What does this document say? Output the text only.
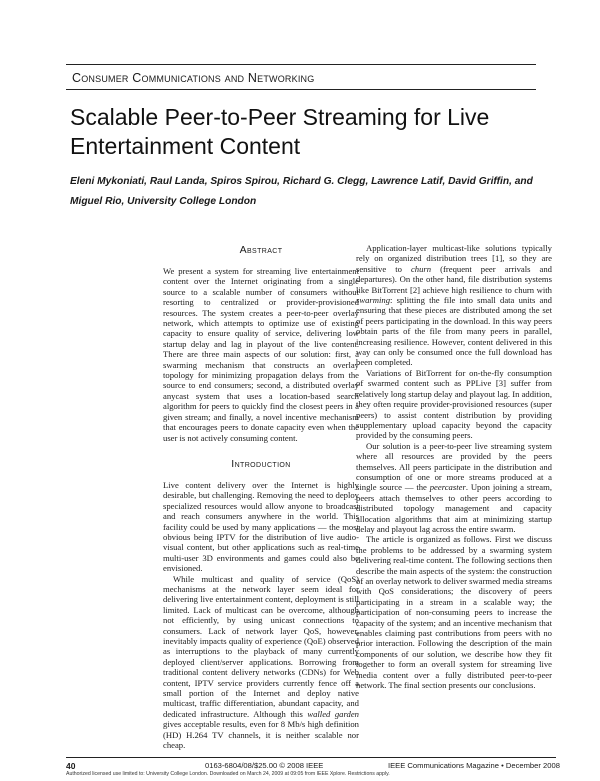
Consumer Communications and Networking
Scalable Peer-to-Peer Streaming for Live Entertainment Content
Eleni Mykoniati, Raul Landa, Spiros Spirou, Richard G. Clegg, Lawrence Latif, David Griffin, and Miguel Rio, University College London
Abstract

We present a system for streaming live entertainment content over the Internet originating from a single source to a scalable number of consumers without resorting to centralized or provider-provisioned resources. The system creates a peer-to-peer overlay network, which attempts to optimize use of existing capacity to ensure quality of service, delivering low startup delay and lag in playout of the live content. There are three main aspects of our solution: first, a swarming mechanism that constructs an overlay topology for minimizing propagation delays from the source to end consumers; second, a distributed overlay anycast system that uses a location-based search algorithm for peers to quickly find the closest peers in a given stream; and finally, a novel incentive mechanism that encourages peers to donate capacity even when the user is not actively consuming content.

Introduction

Live content delivery over the Internet is highly desirable, but challenging. Removing the need to deploy specialized resources would allow anyone to broadcast and reach consumers anywhere in the world. This facility could be used by many applications — the most obvious being IPTV for the distribution of live audio-visual content, but other applications such as real-time multi-user 3D environments and games could also be envisioned.

While multicast and quality of service (QoS) mechanisms at the network layer seem ideal for delivering live entertainment content, deployment is still limited. Lack of multicast can be overcome, although not efficiently, by using unicast connections to consumers. Lack of network layer QoS, however, inevitably impacts quality of experience (QoE) observed as interruptions to the playback of many currently deployed client/server applications. Borrowing from traditional content delivery networks (CDNs) for Web content, IPTV service providers currently fence off a small portion of the Internet and deploy native multicast, traffic differentiation, abundant capacity, and dedicated infrastructure. Although this walled garden gives acceptable results, even for 8 Mb/s high definition (HD) H.264 TV channels, it is neither scalable nor cheap.

Application-layer multicast-like solutions typically rely on organized distribution trees [1], so they are sensitive to churn (frequent peer arrivals and departures). On the other hand, file distribution systems like BitTorrent [2] achieve high resilience to churn with swarming: splitting the file into small data units and ensuring that these pieces are distributed among the set of peers participating in the download. In this way peers obtain parts of the file from many peers in parallel, increasing resilience. However, content delivered in this way can only be consumed once the full download has been completed.

Variations of BitTorrent for on-the-fly consumption of swarmed content such as PPLive [3] suffer from relatively long startup delay and playout lag. In addition, they often require provider-provisioned resources (super peers) to assist content distribution by providing supplementary upload capacity beyond the capacity provided by the consuming peers.

Our solution is a peer-to-peer live streaming system where all resources are provided by the peers themselves. All peers participate in the distribution and consumption of one or more streams produced at a single source — the peercaster. Upon joining a stream, peers attach themselves to other peers according to distributed topology management and capacity allocation algorithms that aim at minimizing startup delay and playout lag across the entire swarm.

The article is organized as follows. First we discuss the problems to be addressed by a swarming system delivering real-time content. The following sections then describe the main aspects of the system: the construction of an overlay network to deliver swarmed media streams with QoS considerations; the discovery of peers participating in a stream in a scalable way; the participation of non-consuming peers to increase the capacity of the system; and an incentive mechanism that enables claiming past contributions from peers with no prior interaction. Following the description of the main components of our solution, we describe how they fit together to form an overall system for streaming live media content over a fully distributed peer-to-peer network. The final section presents our conclusions.

40	0163-6804/08/$25.00 © 2008 IEEE	IEEE Communications Magazine • December 2008
Authorized licensed use limited to: University College London. Downloaded on March 24, 2009 at 09:05 from IEEE Xplore. Restrictions apply.
